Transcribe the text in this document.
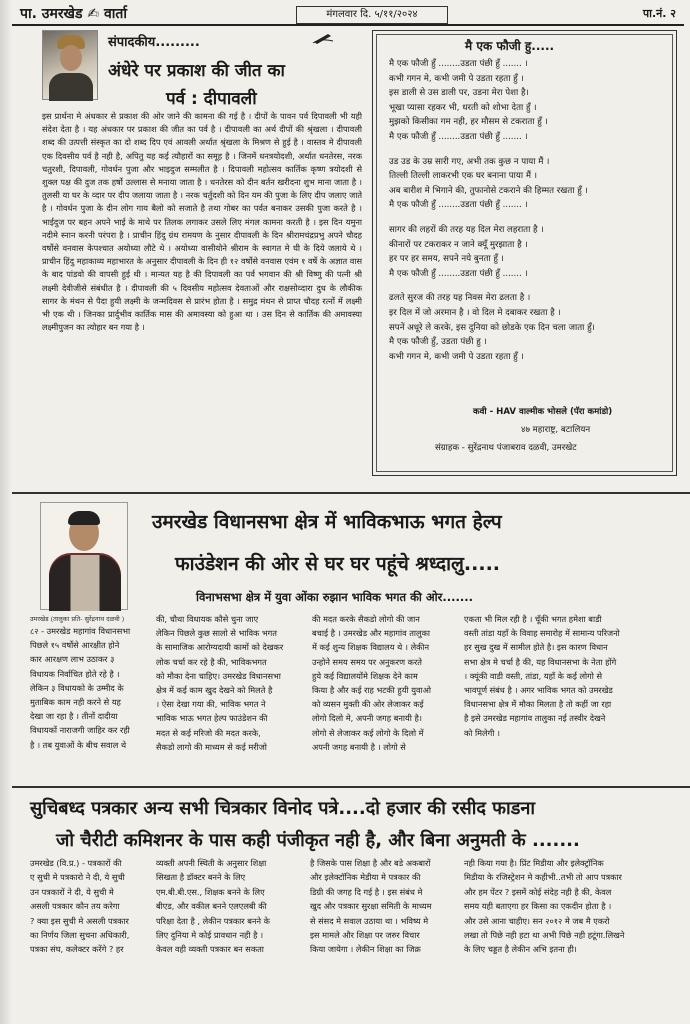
पा. उमरखेड ✍ वार्ता	मंगलवार दि. ५/११/२०२४	पा.नं. २
संपादकीय.........
अंधेरे पर प्रकाश की जीत का
पर्व : दीपावली
इस प्रार्थना मे अंधकार से प्रकाश की ओर जाने की कामना की गई है । दीपों के पावन पर्व दिपावली भी यही संदेश देता है । यह अंधकार पर प्रकाश की जीत का पर्व है । दीपावली का अर्थ दीपों की श्रृंखला । दीपावली शब्द की उत्पत्ती संस्कृत का दो शब्द दिप एवं आवली अर्थात श्रृंखला के मिश्रण से हुई है । वास्तव मे दीपावली एक दिवसीय पर्व है नही है, अपितु यह कई त्यौहारों का समूह है । जिनमें धनत्रयोदशी, अर्थात धनतेरस, नरक चतुरशी, दिपावली, गोवर्धन पुजा और भाइदुज सम्मलीत है । दिपावली महोत्सव कार्तिक कृष्ण त्रयोदशी से शुक्ल पक्ष की दुज तक हर्षो उल्लास से मनाया जाता है । धनतेरस को दीन बर्तन खरीदना शुभ माना जाता है । तुलसी या घर के व्दार पर दीप जलाया जाता है । नरक चर्तुदशी को दिन यम की पुजा के लिए दीप जलाए जाते है । गोवर्धन पुजा के दीन लोग गाय बैलो को सजाते है तथा गोबर का पर्वत बनाकर उसकी पुजा करते है । भाईदुज पर बहन अपने भाई के माथे पर तिलक लगाकर उसले लिए मंगल कामना करती है । इस दिन यमुना नदीमे स्नान करनी परंपरा है । प्राचीन हिंदु ग्रंथ रामयण के नुसार दीपावली के दिन श्रीरामचंद्रप्रभु अपने चौदह वर्षोसे वनवास केपश्चात अयोध्या लौटे थे । अयोध्या वासीयोने श्रीराम के स्वागत मे घी के दिये जलाये थे । प्राचीन हिंदु महाकाव्य महाभारत के अनुसार दीपावली के दिन ही १२ वर्षोसे वनवास एवंम १ वर्षे के अज्ञात वास के बाद पांडवो की वापसी हुई थी । मान्यत यह है की दिपावली का पर्व भगवान की श्री विष्णु की पत्नी श्री लक्ष्मी देवीजीसे संबंधीत है । दीपावली की ५ दिवसीय महोत्सव देवताओं और राक्षसोव्दारा दुध के लौकीक सागर के मंथन से पैदा हुयी लक्ष्मी के जन्मदिवस से प्रारंभ होता है । समुद्र मंथन से प्राप्त चौदह रत्नों में लक्ष्मी भी एक थी । जिनका प्रार्दुभीव कार्तिक मास की अमावस्या को हुआ था । उस दिन से कार्तिक की अमावस्या लक्ष्मीपुजन का त्योहार बन गया है ।
मै एक फौजी हु.....
मै एक फौजी हुँ ........उडता पंछी हुँ ....... ।
कभी गगन मे, कभी जमी पे उडता रहता हुँ ।
इस डाली से उस डाली पर, उडना मेरा पेशा है।
भूखा प्यासा रहकर भी, धरती को शोभा देता हुँ ।
मुझको किसीका गम नही, हर मौसम से टकराता हुँ ।
मै एक फौजी हुँ ........उडता पंछी हुँ ....... ।
उड उड के उम्र सारी गए, अभी तक कुछ न पाया मैं ।
तिल्ली तिल्ली लाकरभी एक घर बनाना पाया मैं ।
अब बारीश मे भिगाने की, तुफानोसे टकराने की हिम्मत रखता हुँ ।
मै एक फौजी हुँ ........उडता पंछी हुँ ....... ।
सागर की लहरों की तरह यह दिल मेरा लहराता है ।
कीनारों पर टकराकर न जाने क्यूँ मुरझाता है ।
हर पर हर समय, सपने नये बुनता हुँ ।
मै एक फौजी हुँ ........उडता पंछी हुँ ....... ।
ढलते सुरज की तरह यह निवस मेरा ढलता है ।
इर दिल में जो अरमान है । वो दिल मे दबाकर रखता है ।
सपनें अधूरे ले करके, इस दुनिया को छोडके एक दिन चला जाता हुँ।
मै एक फौजी हुँ, उडता पंछी हु ।
कभी गगन मे, कभी जमी पे उडता रहता हुँ ।
कवी - HAV वाल्मीक भोसले (पॅरा कमांडो)
४७ महाराष्ट्र, बटालियन
संग्राहक - सुरेंद्रनाथ पंजाबराव दळवी, उमरखेट
उमरखेड विधानसभा क्षेत्र में भाविकभाऊ भगत हेल्प
फाउंडेशन की ओर से घर घर पहूंचे श्रध्दालु.....
विनाभसभा क्षेत्र में युवा ओंका रुझान भाविक भगत की ओर.......
उमरखेड (तालुका प्रति- सुरेंद्रनाथ दळवी )
८२ - उमरखेड महागांव विधानसभा
पिछले १५ वर्षोसे आरक्षीत होने
कार आरक्षण लाभ उठाकर ३
विधायक निर्वाचित होते रहे है ।
लेकिन ३ विधायको के उम्मीद के
मुताबिक काम नही करने से यह
देखा जा रहा है । तीनों दादीया
विधायकों नाराजगी जाहिर कर रही
है । तब युवाओं के बीच सवाल थे
की, चौथा विधायक कौसे चुना जाए
लेकिन पिछले कुछ सालो से भाविक भगत
के सामाजिक आरोग्यदायी कामों को देखकर
लोक चर्चा कर रहे है की, भाविकभगत
को मौका देना चाहिए। उमरखेड विधानसभा
क्षेत्र में कई काम खुद देखने को मिलते है
। ऐसा देखा गया की, भाविक भगत ने
भाविक भाऊ भगत हेल्प फाउंडेशन की
मदत से कई मरिजो की मदत करके,
सैकडो लागो की माध्यम से कई मरीजो
की मदत करके सैकडो लोगो की जान
बचाई है । उमरखेड और महागांव तालुका
में कई शुन्य शिक्षक विद्यालय थे । लेकीन
उन्होने समय समय पर अनुकरण करते
हुये कई विद्यालयोंमे शिक्षक देने काम
किया है और कई राह भटकी हुयी युवाओ
को व्यसन मुक्ती की ओर लेजाकर कई
लोगो दिलो मे, अपनी जगह बनायी है।
लोगो से लेजाकर कई लोगो के दिलो में
अपनी जगह बनायी है । लोगो से
एकता भी मिल रही है । चूँकी भगत हमेशा बाडी
वस्ती तांडा यहाँ के विवाह समारोह में सामान्य परिजनो
हर सुख दुख में सामील होते है। इस कारण विधान
सभा क्षेत्र मे चर्चा है की, यह विधानसभा के नेता होंगे
। क्यूंकी वाडी वस्ती, तांडा, यहाँ के कई लोगो से
भावपूर्ण संबंध है । अगर भाविक भगत को उमरखेड
विधानसभा क्षेत्र में मौका मिलता है तो कहीं जा रहा
है इसे उमरखेड महागांव तालुका नई तस्वीर देखने
को मिलेगी ।
सुचिबध्द पत्रकार अन्य सभी चित्रकार विनोद पत्रे....दो हजार की रसीद फाडना
जो चैरीटी कमिशनर के पास कही पंजीकृत नही है, और बिना अनुमती के .......
उमरखेड (वि.प्र.) - पत्रकारों की
ए सुची मे पत्रकारो ने दी, ये सुची
उन पत्रकारों ने दी, ये सुची मे
असली पत्रकार कौन तय करेगा
? क्या इस सुची मे असली पत्रकार
का निर्णय जिला सुचना अधिकारी,
पत्रका संघ, कलेक्टर करेंगे ? हर
व्यक्ती अपनी स्थिती के अनुसार शिक्षा
सिखता है डॉक्टर बनने के लिए
एम.बी.बी.एस., शिक्षक बनने के लिए
बीएड, और वकील बनने एलएलबी की
परिक्षा देता है , लेकीन पत्रकार बनने के
लिए दुनिया मे कोई प्रावधान नही है ।
केवल वही व्यक्ती पत्रकार बन सकता
है जिसके पास शिक्षा है और बडे अकबारों
और इलेक्टॉनिक मेडीया मे पत्रकार की
डिग्री की जगह दि गई है । इस संबंध मे
खुद और पत्रकार सुरक्षा समिती के माध्यम
से संसद मे सवाल उठाया था । भविष्य मे
इस मामले और शिक्षा पर जरुर विचार
किया जायेगा । लेकीन शिक्षा का जिक्र
नही किया गया है। प्रिंट मिडीया और इलेक्ट्रॉनिक
मिडीया के रजिस्ट्रेशन मे कहीभी..तभी तो आप पत्रकार
और हम पेंटर ? इसमें कोई संदेह नही है की, केवल
समय यही बताएगा हर किसा का एकदीन होता है ।
और उसे आना चाहीए। सन २०१२ मे जब मै एकरो
लखा तो पिछे नही हटा था अभी पिछे नही हटूंगा.लिखने
के लिए चड्डत है लेकीन अभि इतना ही।
